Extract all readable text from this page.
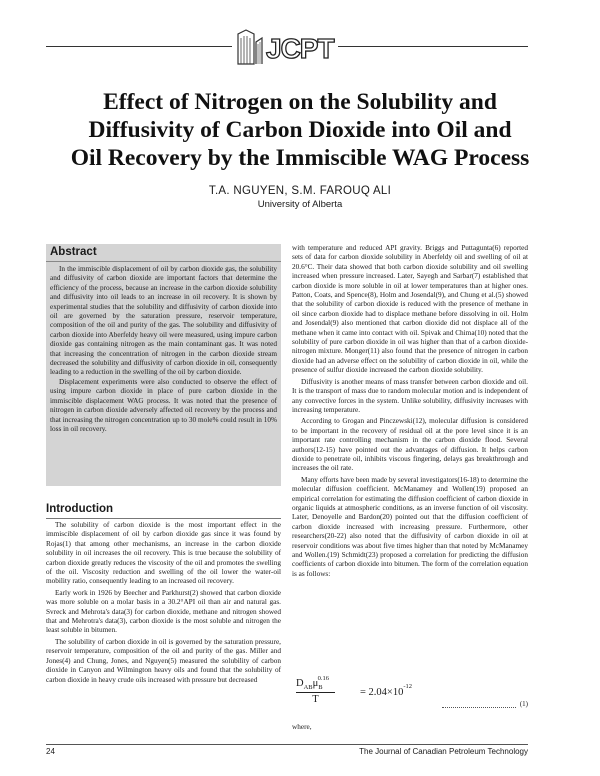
JCPT
Effect of Nitrogen on the Solubility and
Diffusivity of Carbon Dioxide into Oil and
Oil Recovery by the Immiscible WAG Process
T.A. NGUYEN, S.M. FAROUQ ALI
University of Alberta
Abstract

In the immiscible displacement of oil by carbon dioxide gas, the solubility and diffusivity of carbon dioxide are important factors that determine the efficiency of the process, because an increase in the carbon dioxide solubility and diffusivity into oil leads to an increase in oil recovery. It is shown by experimental studies that the solubility and diffusivity of carbon dioxide into oil are governed by the saturation pressure, reservoir temperature, composition of the oil and purity of the gas. The solubility and diffusivity of carbon dioxide into Aberfeldy heavy oil were measured, using impure carbon dioxide gas containing nitrogen as the main contaminant gas. It was noted that increasing the concentration of nitrogen in the carbon dioxide stream decreased the solubility and diffusivity of carbon dioxide in oil, consequently leading to a reduction in the swelling of the oil by carbon dioxide.

Displacement experiments were also conducted to observe the effect of using impure carbon dioxide in place of pure carbon dioxide in the immiscible displacement WAG process. It was noted that the presence of nitrogen in carbon dioxide adversely affected oil recovery by the process and that increasing the nitrogen concentration up to 30 mole% could result in 10% loss in oil recovery.

Introduction

The solubility of carbon dioxide is the most important effect in the immiscible displacement of oil by carbon dioxide gas since it was found by Rojas(1) that among other mechanisms, an increase in the carbon dioxide solubility in oil increases the oil recovery. This is true because the solubility of carbon dioxide greatly reduces the viscosity of the oil and promotes the swelling of the oil. Viscosity reduction and swelling of the oil lower the water-oil mobility ratio, consequently leading to an increased oil recovery.

Early work in 1926 by Beecher and Parkhurst(2) showed that carbon dioxide was more soluble on a molar basis in a 30.2°API oil than air and natural gas. Svreck and Mehrota's data(3) for carbon dioxide, methane and nitrogen showed that and Mehrotra's data(3), carbon dioxide is the most soluble and nitrogen the least soluble in bitumen.

The solubility of carbon dioxide in oil is governed by the saturation pressure, reservoir temperature, composition of the oil and purity of the gas. Miller and Jones(4) and Chung, Jones, and Nguyen(5) measured the solubility of carbon dioxide in Canyon and Wilmington heavy oils and found that the solubility of carbon dioxide in heavy crude oils increased with pressure but decreased

with temperature and reduced API gravity. Briggs and Puttagunta(6) reported sets of data for carbon dioxide solubility in Aberfeldy oil and swelling of oil at 20.6°C. Their data showed that both carbon dioxide solubility and oil swelling increased when pressure increased. Later, Sayegh and Sarbar(7) established that carbon dioxide is more soluble in oil at lower temperatures than at higher ones. Patton, Coats, and Spence(8), Holm and Josendal(9), and Chung et al.(5) showed that the solubility of carbon dioxide is reduced with the presence of methane in oil since carbon dioxide had to displace methane before dissolving in oil. Holm and Josendal(9) also mentioned that carbon dioxide did not displace all of the methane when it came into contact with oil. Spivak and Chima(10) noted that the solubility of pure carbon dioxide in oil was higher than that of a carbon dioxide-nitrogen mixture. Monger(11) also found that the presence of nitrogen in carbon dioxide had an adverse effect on the solubility of carbon dioxide in oil, while the presence of sulfur dioxide increased the carbon dioxide solubility.

Diffusivity is another means of mass transfer between carbon dioxide and oil. It is the transport of mass due to random molecular motion and is independent of any convective forces in the system. Unlike solubility, diffusivity increases with increasing temperature.

According to Grogan and Pinczewski(12), molecular diffusion is considered to be important in the recovery of residual oil at the pore level since it is an important rate controlling mechanism in the carbon dioxide flood. Several authors(12-15) have pointed out the advantages of diffusion. It helps carbon dioxide to penetrate oil, inhibits viscous fingering, delays gas breakthrough and increases the oil rate.

Many efforts have been made by several investigators(16-18) to determine the molecular diffusion coefficient. McManamey and Wollen(19) proposed an empirical correlation for estimating the diffusion coefficient of carbon dioxide in organic liquids at atmospheric conditions, as an inverse function of oil viscosity. Later, Denoyelle and Bardon(20) pointed out that the diffusion coefficient of carbon dioxide increased with increasing pressure. Furthermore, other researchers(20-22) also noted that the diffusivity of carbon dioxide in oil at reservoir conditions was about five times higher than that noted by McManamey and Wollen.(19) Schmidt(23) proposed a correlation for predicting the diffusion coefficients of carbon dioxide into bitumen. The form of the correlation equation is as follows:

$D_{AB}\mu_B^{0.16}$
T
= $2.04\times 10^{-12}$
(1)
where,
24	The Journal of Canadian Petroleum Technology
